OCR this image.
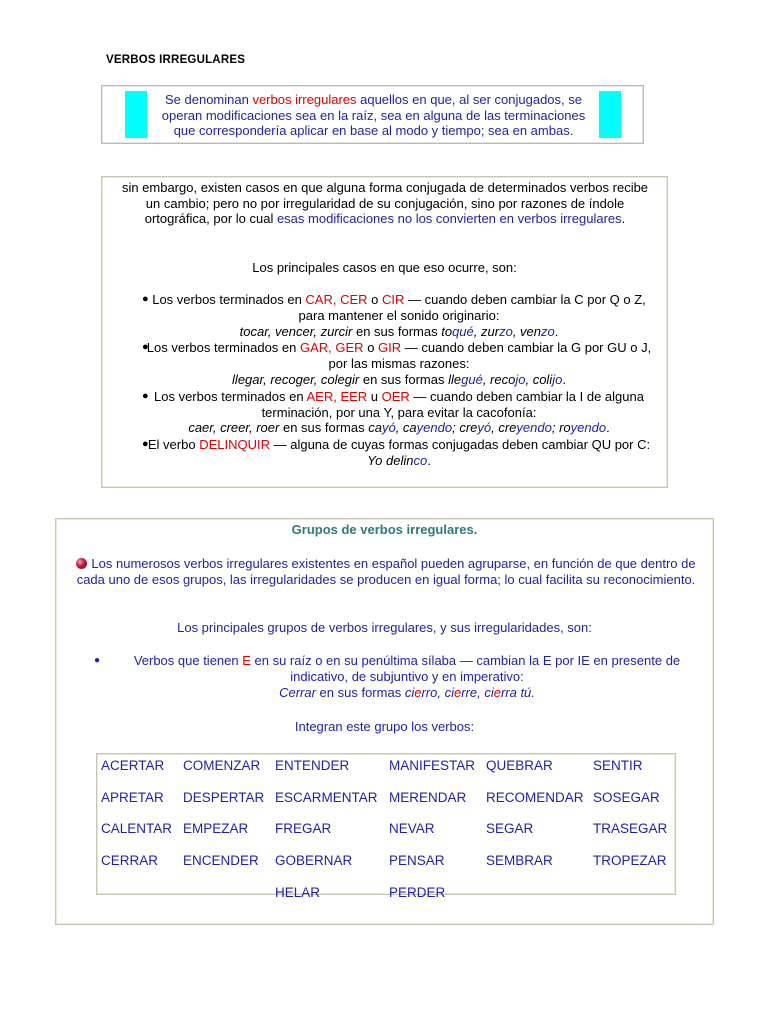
VERBOS IRREGULARES
Se denominan verbos irregulares aquellos en que, al ser conjugados, se operan modificaciones sea en la raíz, sea en alguna de las terminaciones que correspondería aplicar en base al modo y tiempo; sea en ambas.
sin embargo, existen casos en que alguna forma conjugada de determinados verbos recibe un cambio; pero no por irregularidad de su conjugación, sino por razones de índole ortográfica, por lo cual esas modificaciones no los convierten en verbos irregulares.
Los principales casos en que eso ocurre, son:
● Los verbos terminados en CAR, CER o CIR — cuando deben cambiar la C por Q o Z, para mantener el sonido originario:
tocar, vencer, zurcir en sus formas toqué, zurzo, venzo.
●
Los verbos terminados en GAR, GER o GIR — cuando deben cambiar la G por GU o J, por las mismas razones:
llegar, recoger, colegir en sus formas llegué, recojo, colijo.
● Los verbos terminados en AER, EER u OER — cuando deben cambiar la I de alguna terminación, por una Y, para evitar la cacofonía:
caer, creer, roer en sus formas cayó, cayendo; creyó, creyendo; royendo.
● El verbo DELINQUIR — alguna de cuyas formas conjugadas deben cambiar QU por C: Yo delinco.
Grupos de verbos irregulares.
Los numerosos verbos irregulares existentes en español pueden agruparse, en función de que dentro de cada uno de esos grupos, las irregularidades se producen en igual forma; lo cual facilita su reconocimiento.
Los principales grupos de verbos irregulares, y sus irregularidades, son:
●	Verbos que tienen E en su raíz o en su penúltima sílaba — cambian la E por IE en presente de indicativo, de subjuntivo y en imperativo:
Cerrar en sus formas cierro, cierre, cierra tú.
Integran este grupo los verbos:
ACERTAR COMENZAR ENTENDER	MANIFESTAR QUEBRAR	SENTIR
APRETAR DESPERTAR ESCARMENTAR MERENDAR RECOMENDAR SOSEGAR
CALENTAR EMPEZAR FREGAR	NEVAR	SEGAR	TRASEGAR
CERRAR ENCENDER GOBERNAR	PENSAR	SEMBRAR	TROPEZAR
HELAR	PERDER
